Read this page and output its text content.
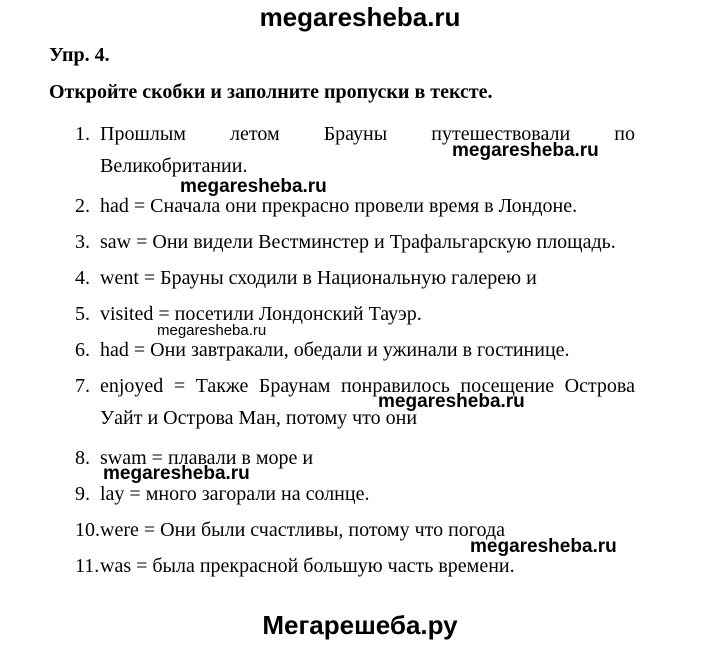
megaresheba.ru
Упр. 4.
Откройте скобки и заполните пропуски в тексте.
1. Прошлым летом Брауны путешествовали по
Великобритании.
2. had = Сначала они прекрасно провели время в Лондоне.
3. saw = Они видели Вестминстер и Трафальгарскую площадь.
4. went = Брауны сходили в Национальную галерею и
5. visited = посетили Лондонский Тауэр.
6. had = Они завтракали, обедали и ужинали в гостинице.
7. enjoyed = Также Браунам понравилось посещение Острова
Уайт и Острова Ман, потому что они
8. swam = плавали в море и
9. lay = много загорали на солнце.
10. were = Они были счастливы, потому что погода
11. was = была прекрасной большую часть времени.
megaresheba.ru
megaresheba.ru
megaresheba.ru
megaresheba.ru
megaresheba.ru
megaresheba.ru
Мегарешеба.ру
